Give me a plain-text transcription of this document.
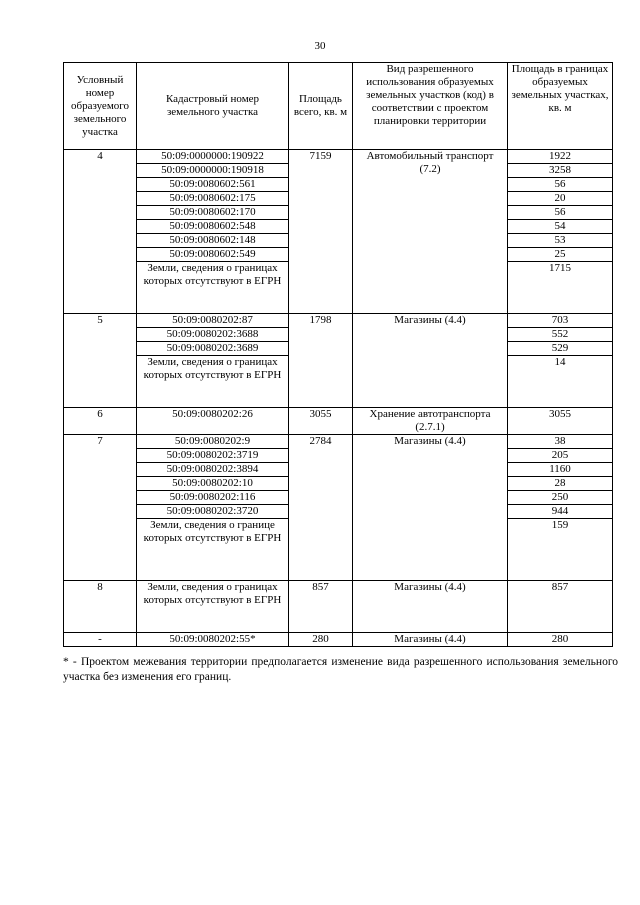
30
Условный номер образуемого земельного участка	Кадастровый номер земельного участка	Площадь всего, кв. м	Вид разрешенного использования образуемых земельных участков (код) в соответствии с проектом планировки территории	Площадь в границах образуемых земельных участках, кв. м
4	50:09:0000000:190922	7159	Автомобильный транспорт (7.2)	1922
	50:09:0000000:190918			3258
	50:09:0080602:561			56
	50:09:0080602:175			20
	50:09:0080602:170			56
	50:09:0080602:548			54
	50:09:0080602:148			53
	50:09:0080602:549			25
	Земли, сведения о границах которых отсутствуют в ЕГРН			1715
5	50:09:0080202:87	1798	Магазины (4.4)	703
	50:09:0080202:3688			552
	50:09:0080202:3689			529
	Земли, сведения о границах которых отсутствуют в ЕГРН			14
6	50:09:0080202:26	3055	Хранение автотранспорта (2.7.1)	3055
7	50:09:0080202:9	2784	Магазины (4.4)	38
	50:09:0080202:3719			205
	50:09:0080202:3894			1160
	50:09:0080202:10			28
	50:09:0080202:116			250
	50:09:0080202:3720			944
	Земли, сведения о границе которых отсутствуют в ЕГРН			159
8	Земли, сведения о границах которых отсутствуют в ЕГРН	857	Магазины (4.4)	857
-	50:09:0080202:55*	280	Магазины (4.4)	280
* - Проектом межевания территории предполагается изменение вида разрешенного использования земельного участка без изменения его границ.
